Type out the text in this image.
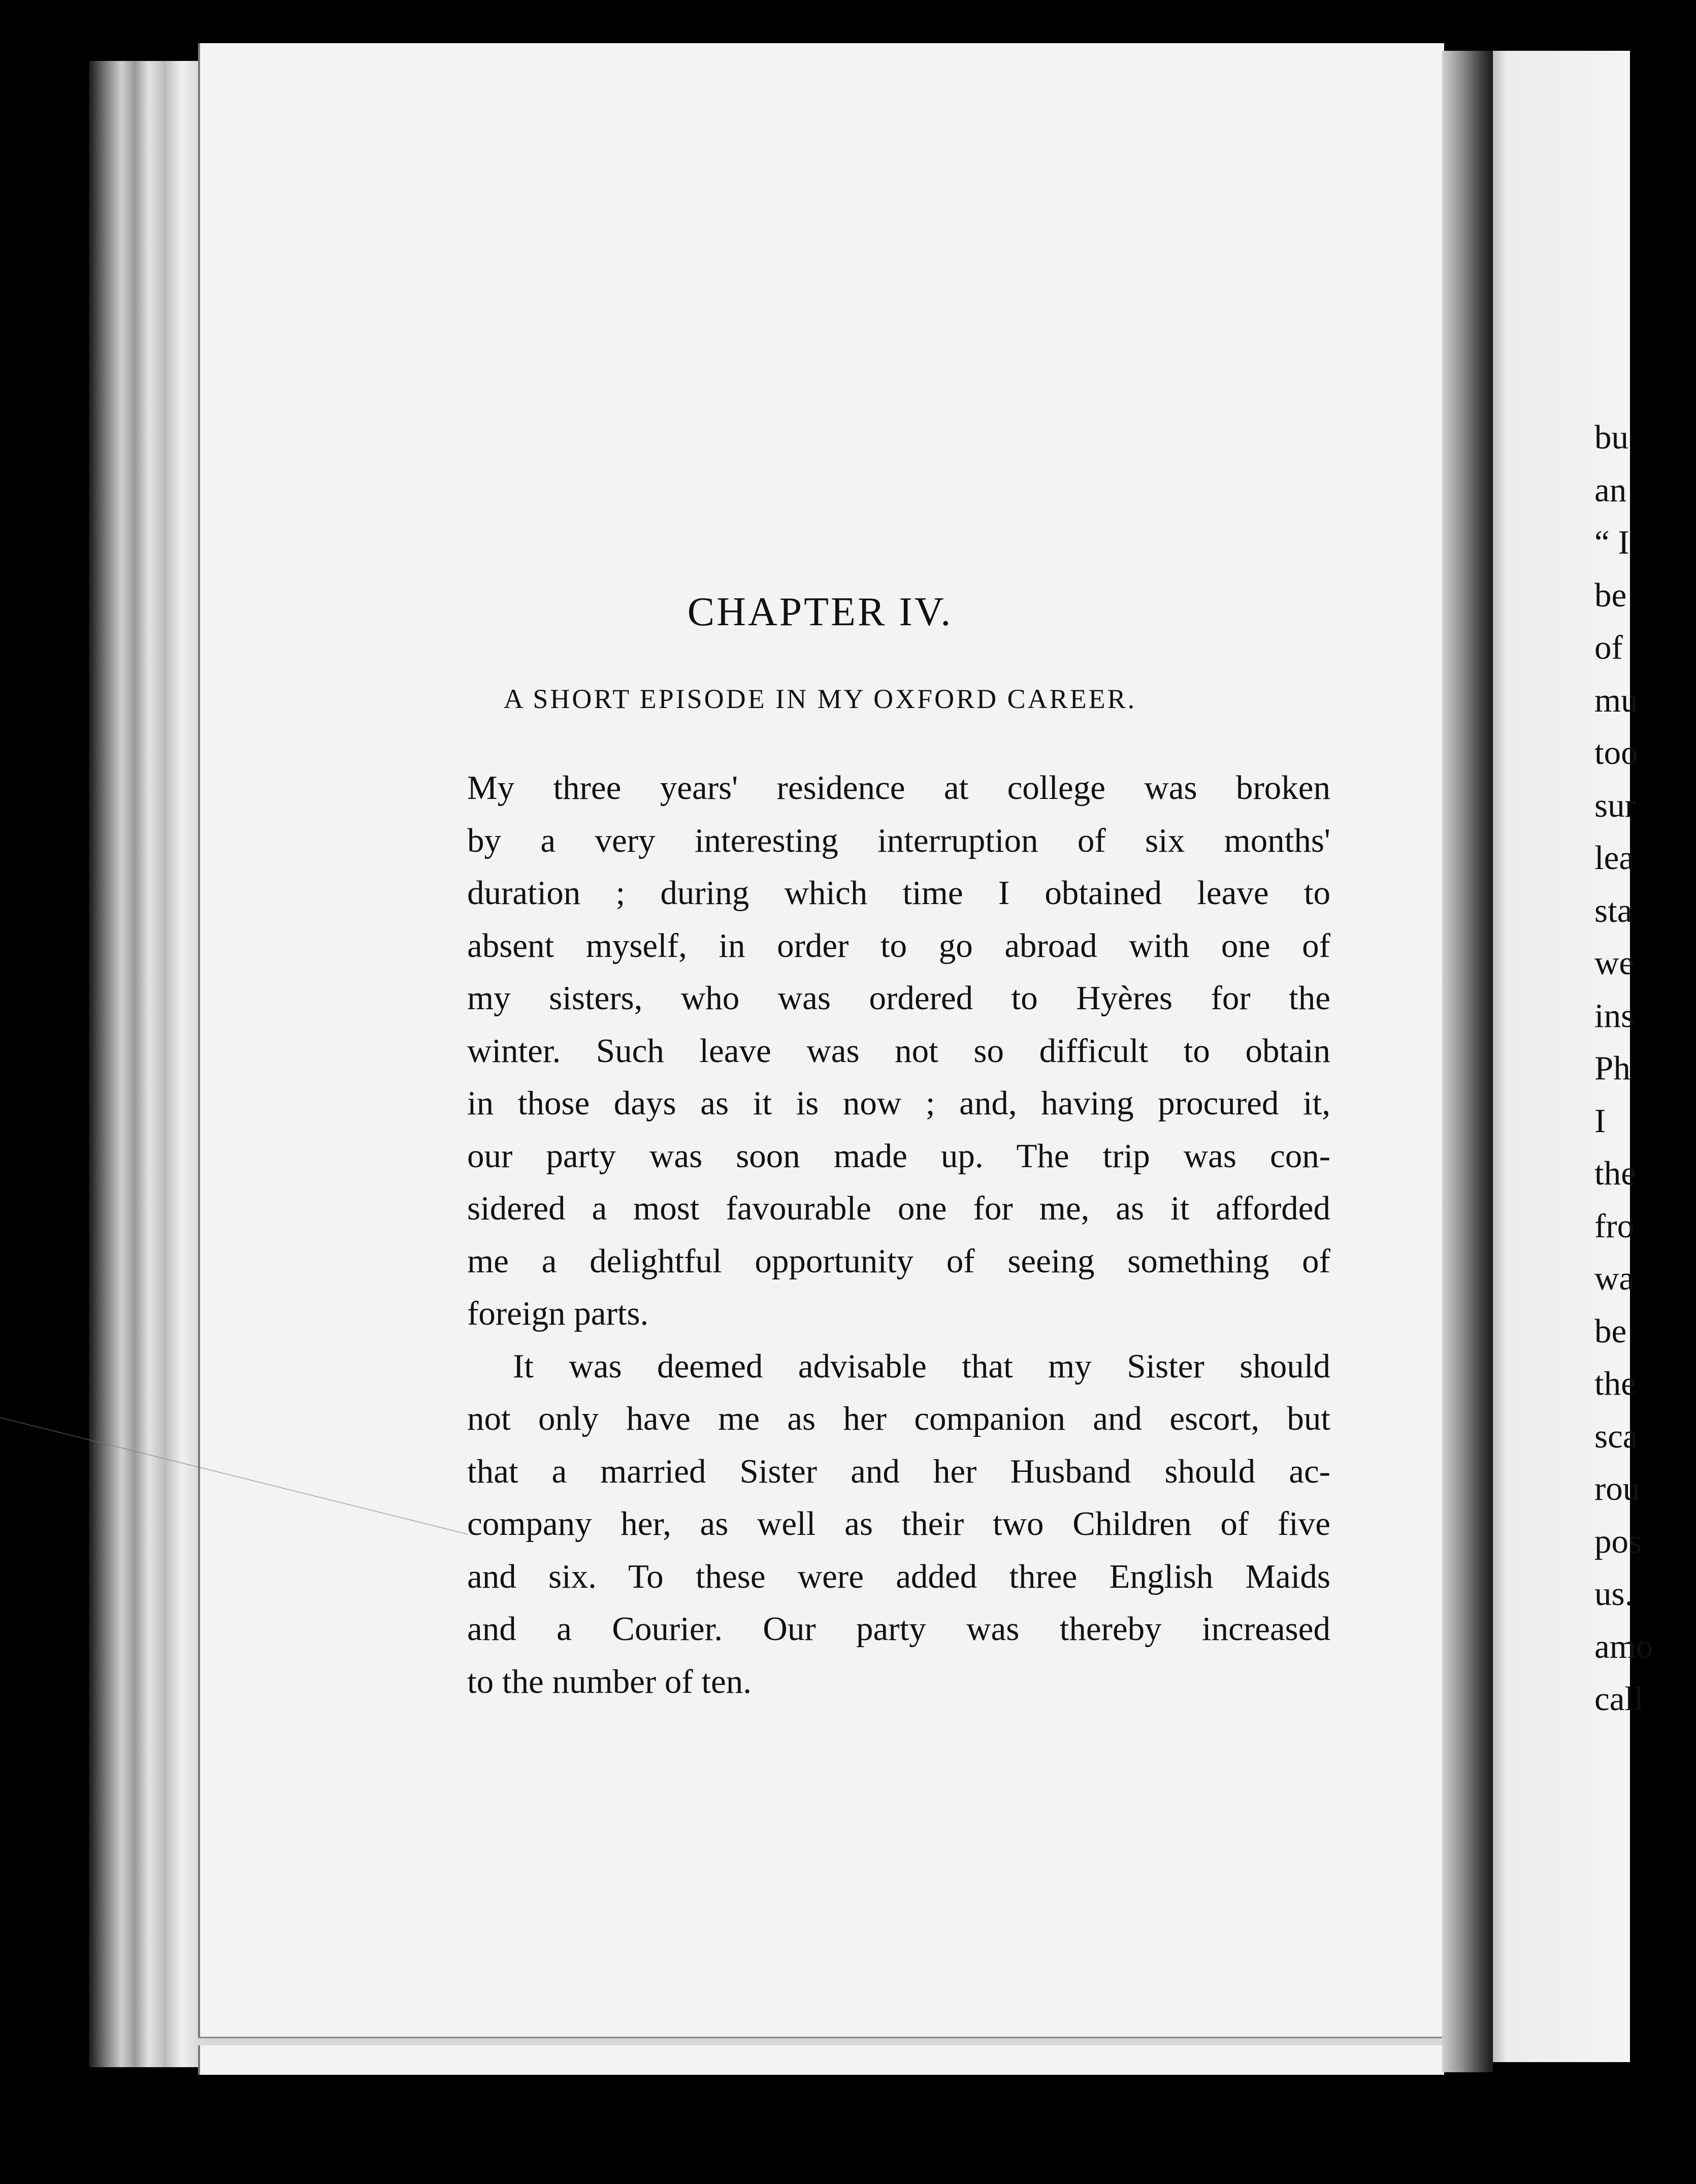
CHAPTER IV.
A SHORT EPISODE IN MY OXFORD CAREER.

My three years' residence at college was broken
by a very interesting interruption of six months'
duration ; during which time I obtained leave to
absent myself, in order to go abroad with one of
my sisters, who was ordered to Hyères for the
winter. Such leave was not so difficult to obtain
in those days as it is now ; and, having procured it,
our party was soon made up. The trip was con-
sidered a most favourable one for me, as it afforded
me a delightful opportunity of seeing something of
foreign parts.

It was deemed advisable that my Sister should
not only have me as her companion and escort, but
that a married Sister and her Husband should ac-
company her, as well as their two Children of five
and six. To these were added three English Maids
and a Courier. Our party was thereby increased
to the number of ten.

bu
an
“ I
be
of
mu
too
sur
lea
sta
we
ins
Ph
I
the
fro
wa
be
the
sca
rou
pos
us.
amo
call
